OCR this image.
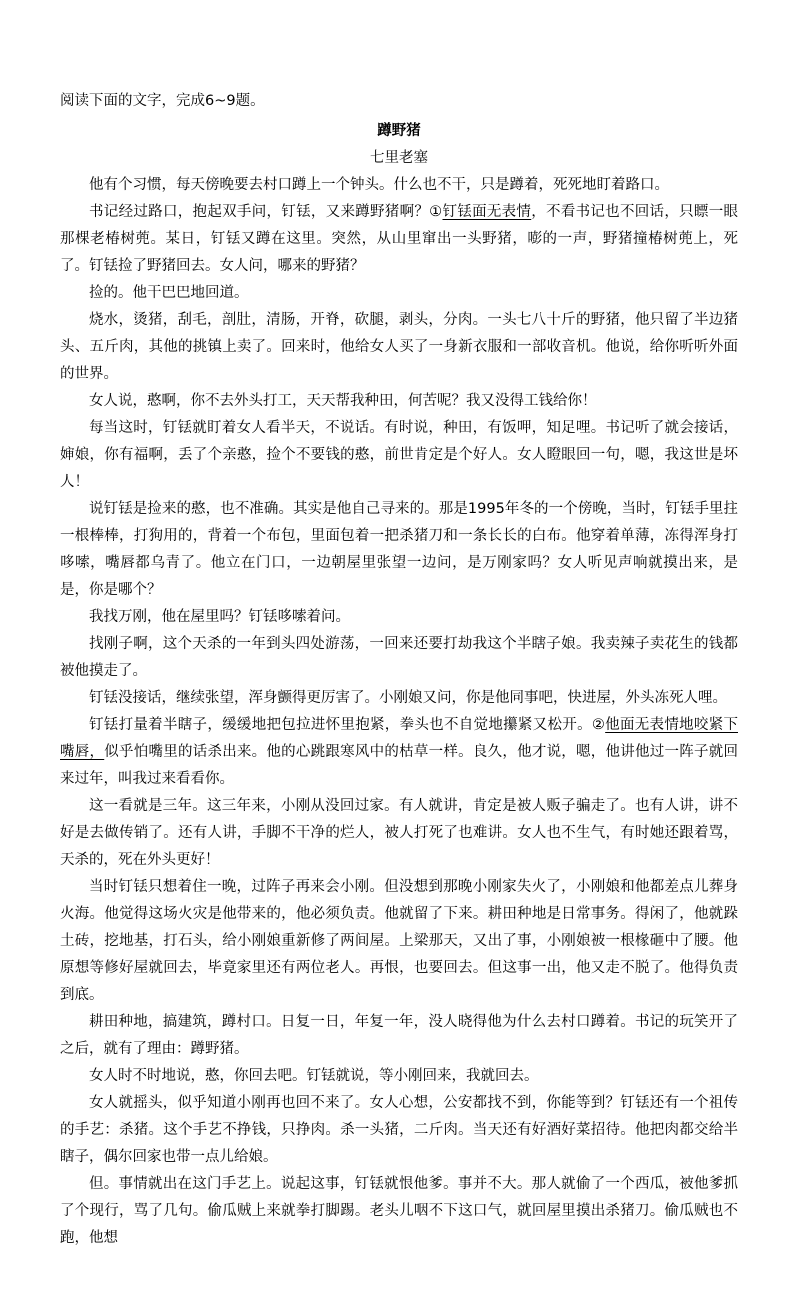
阅读下面的文字，完成6~9题。

蹲野猪

七里老塞

他有个习惯，每天傍晚要去村口蹲上一个钟头。什么也不干，只是蹲着，死死地盯着路口。

书记经过路口，抱起双手问，钉铥，又来蹲野猪啊？①钉铥面无表情，不看书记也不回话，只瞟一眼那棵老椿树蔸。某日，钉铥又蹲在这里。突然，从山里窜出一头野猪，嘭的一声，野猪撞椿树蔸上，死了。钉铥捡了野猪回去。女人问，哪来的野猪？

捡的。他干巴巴地回道。

烧水，烫猪，刮毛，剖肚，清肠，开脊，砍腿，剥头，分肉。一头七八十斤的野猪，他只留了半边猪头、五斤肉，其他的挑镇上卖了。回来时，他给女人买了一身新衣服和一部收音机。他说，给你听听外面的世界。

女人说，憨啊，你不去外头打工，天天帮我种田，何苦呢？我又没得工钱给你！

每当这时，钉铥就盯着女人看半天，不说话。有时说，种田，有饭呷，知足哩。书记听了就会接话，婶娘，你有福啊，丢了个亲憨，捡个不要钱的憨，前世肯定是个好人。女人瞪眼回一句，嗯，我这世是坏人！

说钉铥是捡来的憨，也不准确。其实是他自己寻来的。那是1995年冬的一个傍晚，当时，钉铥手里拄一根棒棒，打狗用的，背着一个布包，里面包着一把杀猪刀和一条长长的白布。他穿着单薄，冻得浑身打哆嗦，嘴唇都乌青了。他立在门口，一边朝屋里张望一边问，是万刚家吗？女人听见声响就摸出来，是是，你是哪个？

我找万刚，他在屋里吗？钉铥哆嗦着问。

找刚子啊，这个天杀的一年到头四处游荡，一回来还要打劫我这个半瞎子娘。我卖辣子卖花生的钱都被他摸走了。

钉铥没接话，继续张望，浑身颤得更厉害了。小刚娘又问，你是他同事吧，快进屋，外头冻死人哩。

钉铥打量着半瞎子，缓缓地把包拉进怀里抱紧，拳头也不自觉地攥紧又松开。②他面无表情地咬紧下嘴唇，似乎怕嘴里的话杀出来。他的心跳跟寒风中的枯草一样。良久，他才说，嗯，他讲他过一阵子就回来过年，叫我过来看看你。

这一看就是三年。这三年来，小刚从没回过家。有人就讲，肯定是被人贩子骗走了。也有人讲，讲不好是去做传销了。还有人讲，手脚不干净的烂人，被人打死了也难讲。女人也不生气，有时她还跟着骂，天杀的，死在外头更好！

当时钉铥只想着住一晚，过阵子再来会小刚。但没想到那晚小刚家失火了，小刚娘和他都差点儿葬身火海。他觉得这场火灾是他带来的，他必须负责。他就留了下来。耕田种地是日常事务。得闲了，他就跺土砖，挖地基，打石头，给小刚娘重新修了两间屋。上梁那天，又出了事，小刚娘被一根椽砸中了腰。他原想等修好屋就回去，毕竟家里还有两位老人。再恨，也要回去。但这事一出，他又走不脱了。他得负责到底。

耕田种地，搞建筑，蹲村口。日复一日，年复一年，没人晓得他为什么去村口蹲着。书记的玩笑开了之后，就有了理由：蹲野猪。

女人时不时地说，憨，你回去吧。钉铥就说，等小刚回来，我就回去。

女人就摇头，似乎知道小刚再也回不来了。女人心想，公安都找不到，你能等到？钉铥还有一个祖传的手艺：杀猪。这个手艺不挣钱，只挣肉。杀一头猪，二斤肉。当天还有好酒好菜招待。他把肉都交给半瞎子，偶尔回家也带一点儿给娘。

但。事情就出在这门手艺上。说起这事，钉铥就恨他爹。事并不大。那人就偷了一个西瓜，被他爹抓了个现行，骂了几句。偷瓜贼上来就拳打脚踢。老头儿咽不下这口气，就回屋里摸出杀猪刀。偷瓜贼也不跑，他想
